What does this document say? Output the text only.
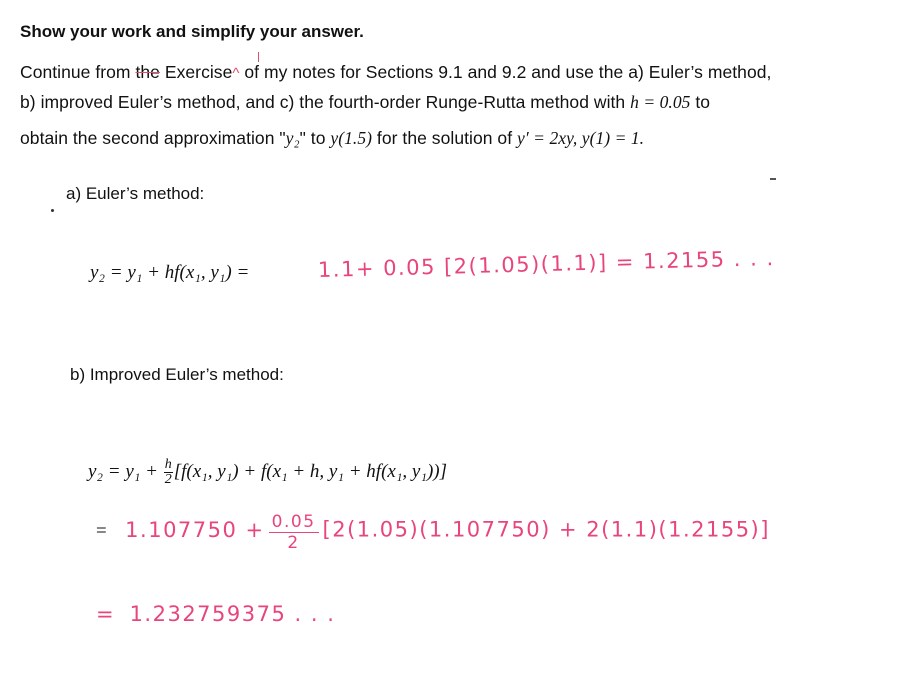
Show your work and simplify your answer.
Continue from the Exercise^ of my notes for Sections 9.1 and 9.2 and use the a) Euler’s method,
b) improved Euler’s method, and c) the fourth-order Runge-Rutta method with h = 0.05 to
obtain the second approximation "y₂" to y(1.5) for the solution of y′ = 2xy, y(1) = 1.
a) Euler’s method:
y₂ = y₁ + hf(x₁, y₁) =	1.1+ 0.05 [2(1.05)(1.1)] = 1.2155 . . .
b) Improved Euler’s method:
$y_2 = y_1 + \frac{h}{2} [f(x_1$, y₁) + f(x₁ + h, y₁ + hf(x₁, y₁))]
= $1.107750 + \frac{0.05}{2} [2(1.05)(1.107750) + 2(1.1)(1.2155)]$
= 1.232759375 . . .
